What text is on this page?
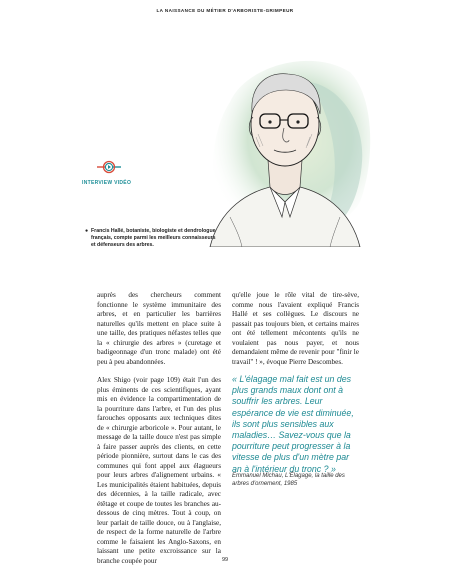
LA NAISSANCE DU MÉTIER D'ARBORISTE-GRIMPEUR
INTERVIEW VIDÉO
● Francis Hallé, botaniste, biologiste et dendrologue français, compte parmi les meilleurs connaisseurs et défenseurs des arbres.

auprès des chercheurs comment fonctionne le système immunitaire des arbres, et en particulier les barrières naturelles qu'ils mettent en place suite à une taille, des pratiques néfastes telles que la « chirurgie des arbres » (curetage et badigeonnage d'un tronc malade) ont été peu à peu abandonnées.

Alex Shigo (voir page 109) était l'un des plus éminents de ces scientifiques, ayant mis en évidence la compartimentation de la pourriture dans l'arbre, et l'un des plus farouches opposants aux techniques dites de « chirurgie arboricole ». Pour autant, le message de la taille douce n'est pas simple à faire passer auprès des clients, en cette période pionnière, surtout dans le cas des communes qui font appel aux élagueurs pour leurs arbres d'alignement urbains. « Les municipalités étaient habituées, depuis des décennies, à la taille radicale, avec étêtage et coupe de toutes les branches au-dessous de cinq mètres. Tout à coup, on leur parlait de taille douce, ou à l'anglaise, de respect de la forme naturelle de l'arbre comme le faisaient les Anglo-Saxons, en laissant une petite excroissance sur la branche coupée pour

qu'elle joue le rôle vital de tire-sève, comme nous l'avaient expliqué Francis Hallé et ses collègues. Le discours ne passait pas toujours bien, et certains maires ont été tellement mécontents qu'ils ne voulaient pas nous payer, et nous demandaient même de revenir pour "finir le travail" ! », évoque Pierre Descombes.

« L'élagage mal fait est un des plus grands maux dont ont à souffrir les arbres. Leur espérance de vie est diminuée, ils sont plus sensibles aux maladies… Savez-vous que la pourriture peut progresser à la vitesse de plus d'un mètre par an à l'intérieur du tronc ? »
Emmanuel Michau, L'Élagage, la taille des arbres d'ornement, 1985
99
